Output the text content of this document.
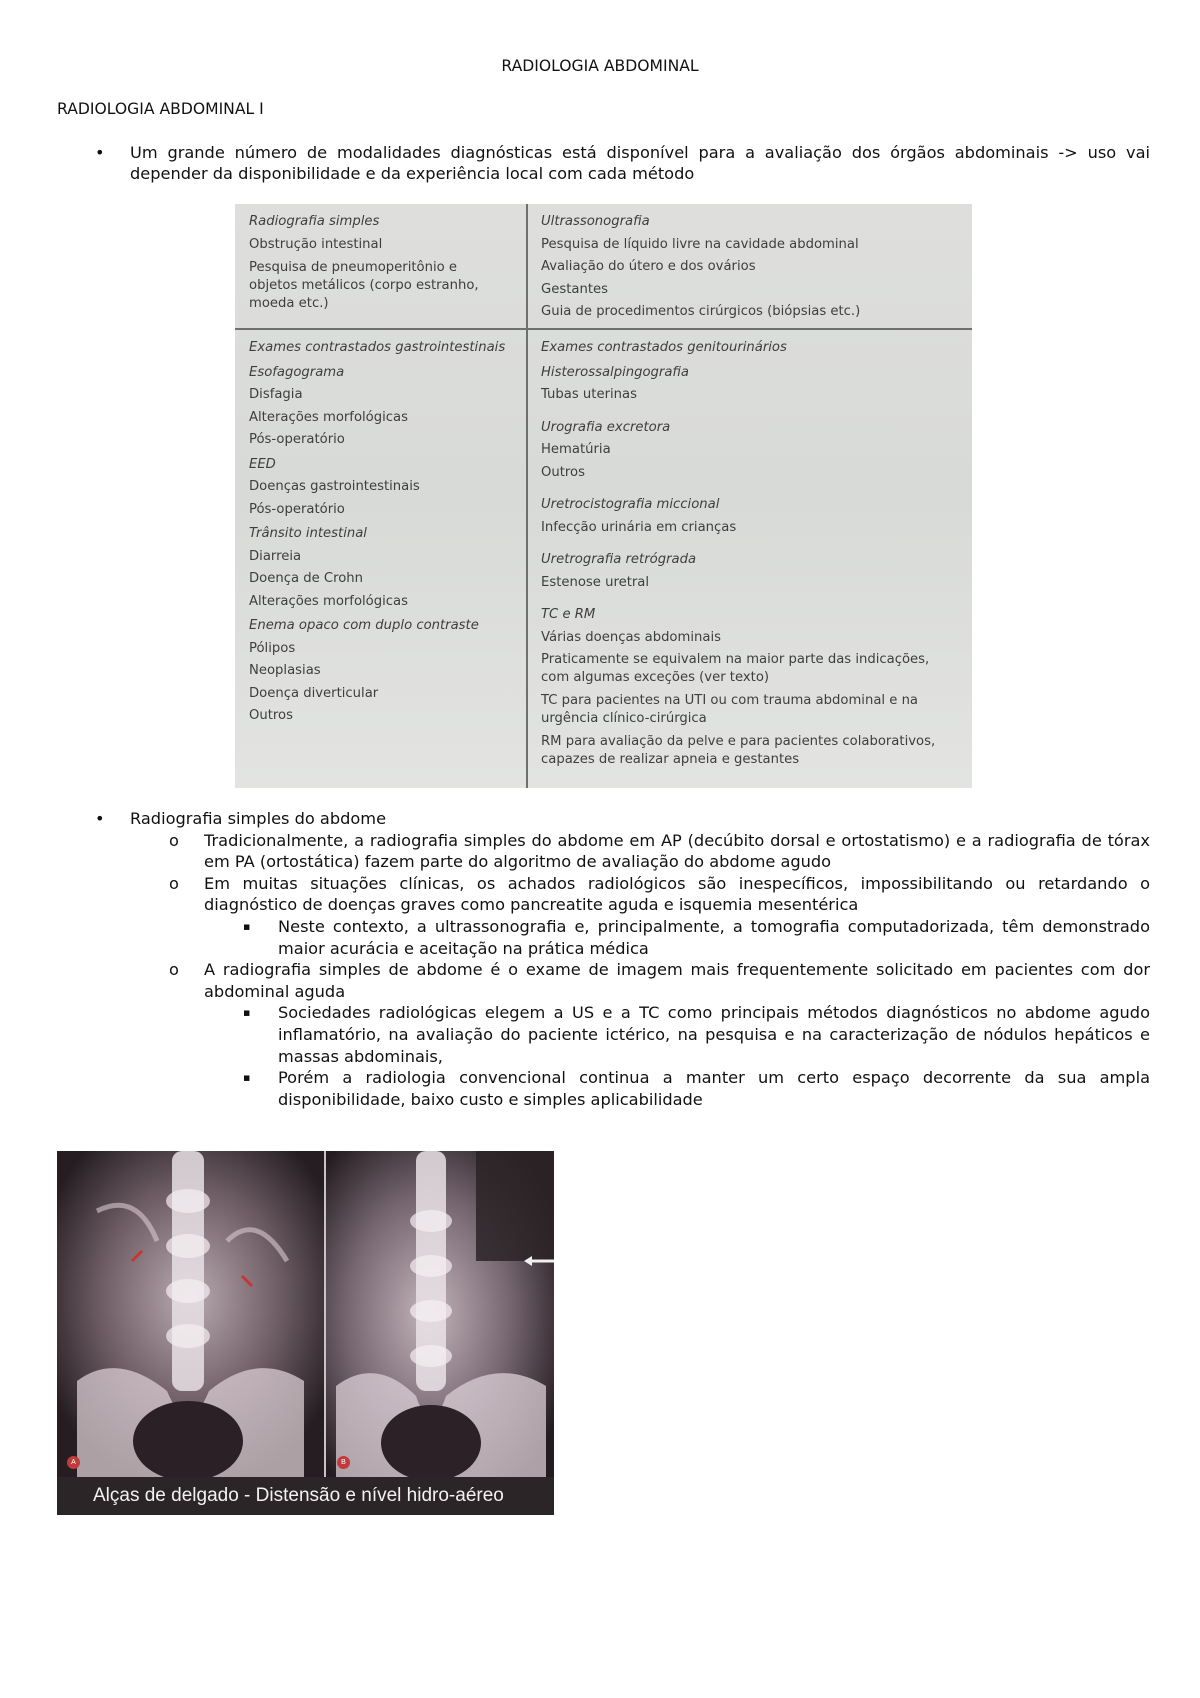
RADIOLOGIA ABDOMINAL
RADIOLOGIA ABDOMINAL I
• Um grande número de modalidades diagnósticas está disponível para a avaliação dos órgãos abdominais -> uso vai depender da disponibilidade e da experiência local com cada método
Radiografia simples
Obstrução intestinal
Pesquisa de pneumoperitônio e
objetos metálicos (corpo estranho,
moeda etc.)
Ultrassonografia
Pesquisa de líquido livre na cavidade abdominal
Avaliação do útero e dos ovários
Gestantes
Guia de procedimentos cirúrgicos (biópsias etc.)
Exames contrastados gastrointestinais
Esofagograma
Disfagia
Alterações morfológicas
Pós-operatório
EED
Doenças gastrointestinais
Pós-operatório
Trânsito intestinal
Diarreia
Doença de Crohn
Alterações morfológicas
Enema opaco com duplo contraste
Pólipos
Neoplasias
Doença diverticular
Outros
Exames contrastados genitourinários
Histerossalpingografia
Tubas uterinas
Urografia excretora
Hematúria
Outros
Uretrocistografia miccional
Infecção urinária em crianças
Uretrografia retrógrada
Estenose uretral
TC e RM
Várias doenças abdominais
Praticamente se equivalem na maior parte das indicações,
com algumas exceções (ver texto)
TC para pacientes na UTI ou com trauma abdominal e na
urgência clínico-cirúrgica
RM para avaliação da pelve e para pacientes colaborativos,
capazes de realizar apneia e gestantes
• Radiografia simples do abdome
o Tradicionalmente, a radiografia simples do abdome em AP (decúbito dorsal e ortostatismo) e a radiografia de tórax em PA (ortostática) fazem parte do algoritmo de avaliação do abdome agudo
o Em muitas situações clínicas, os achados radiológicos são inespecíficos, impossibilitando ou retardando o diagnóstico de doenças graves como pancreatite aguda e isquemia mesentérica
▪ Neste contexto, a ultrassonografia e, principalmente, a tomografia computadorizada, têm demonstrado maior acurácia e aceitação na prática médica
o A radiografia simples de abdome é o exame de imagem mais frequentemente solicitado em pacientes com dor abdominal aguda
▪ Sociedades radiológicas elegem a US e a TC como principais métodos diagnósticos no abdome agudo inflamatório, na avaliação do paciente ictérico, na pesquisa e na caracterização de nódulos hepáticos e massas abdominais,
▪ Porém a radiologia convencional continua a manter um certo espaço decorrente da sua ampla disponibilidade, baixo custo e simples aplicabilidade
A	B
Alças de delgado - Distensão e nível hidro-aéreo
